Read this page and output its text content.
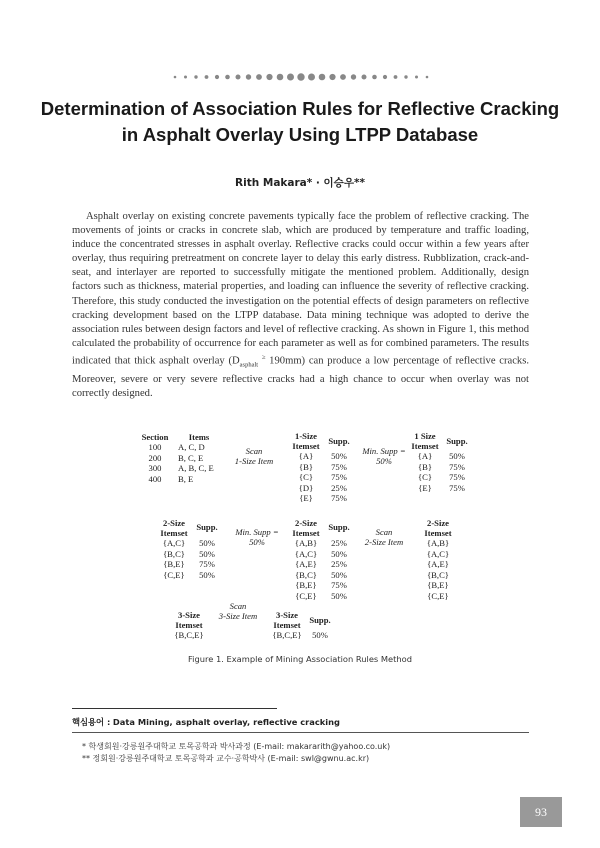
Determination of Association Rules for Reflective Cracking
in Asphalt Overlay Using LTPP Database

Rith Makara* · 이승우**

Asphalt overlay on existing concrete pavements typically face the problem of reflective cracking. The movements of joints or cracks in concrete slab, which are produced by temperature and traffic loading, induce the concentrated stresses in asphalt overlay. Reflective cracks could occur within a few years after overlay, thus requiring pretreatment on concrete layer to delay this early distress. Rubblization, crack-and-seat, and interlayer are reported to successfully mitigate the mentioned problem. Additionally, design factors such as thickness, material properties, and loading can influence the severity of reflective cracking. Therefore, this study conducted the investigation on the potential effects of design parameters on reflective cracking development based on the LTPP database. Data mining technique was adopted to derive the association rules between design factors and level of reflective cracking. As shown in Figure 1, this method calculated the probability of occurrence for each parameter as well as for combined parameters. The results indicated that thick asphalt overlay ($D_{asphalt}$ ≥ 190mm) can produce a low percentage of reflective cracks. Moreover, severe or very severe reflective cracks had a high chance to occur when overlay was not correctly designed.

Section	Items
100	A, C, D
200	B, C, E
300	A, B, C, E
400	B, E
Scan
1-Size Item
1-Size
Itemset	Supp.
{A}	50%
{B}	75%
{C}	75%
{D}	25%
{E}	75%
Min. Supp =
50%
1 Size
Itemset Supp.
{A}	50%
{B}	75%
{C}	75%
{E}	75%
2-Size
Itemset
Supp.
{A,C}	50%
{B,C}	50%
{B,E}	75%
{C,E}	50%
Min. Supp =
50%
2-Size
Itemset
Supp.
{A,B}	25%
{A,C}	50%
{A,E}	25%
{B,C}	50%
{B,E}	75%
{C,E}	50%
Scan
2-Size Item
2-Size
Itemset
{A,B}
{A,C}
{A,E}
{B,C}
{B,E}
{C,E}
3-Size
Itemset
{B,C,E}
Scan
3-Size Item	3-Size
Itemset	Supp.
{B,C,E}	50%

Figure 1. Example of Mining Association Rules Method

핵심용어 : Data Mining, asphalt overlay, reflective cracking

* 학생회원·강릉원주대학교 토목공학과 박사과정 (E-mail: makararith@yahoo.co.uk)

** 정회원·강릉원주대학교 토목공학과 교수·공학박사 (E-mail: swl@gwnu.ac.kr)

93
